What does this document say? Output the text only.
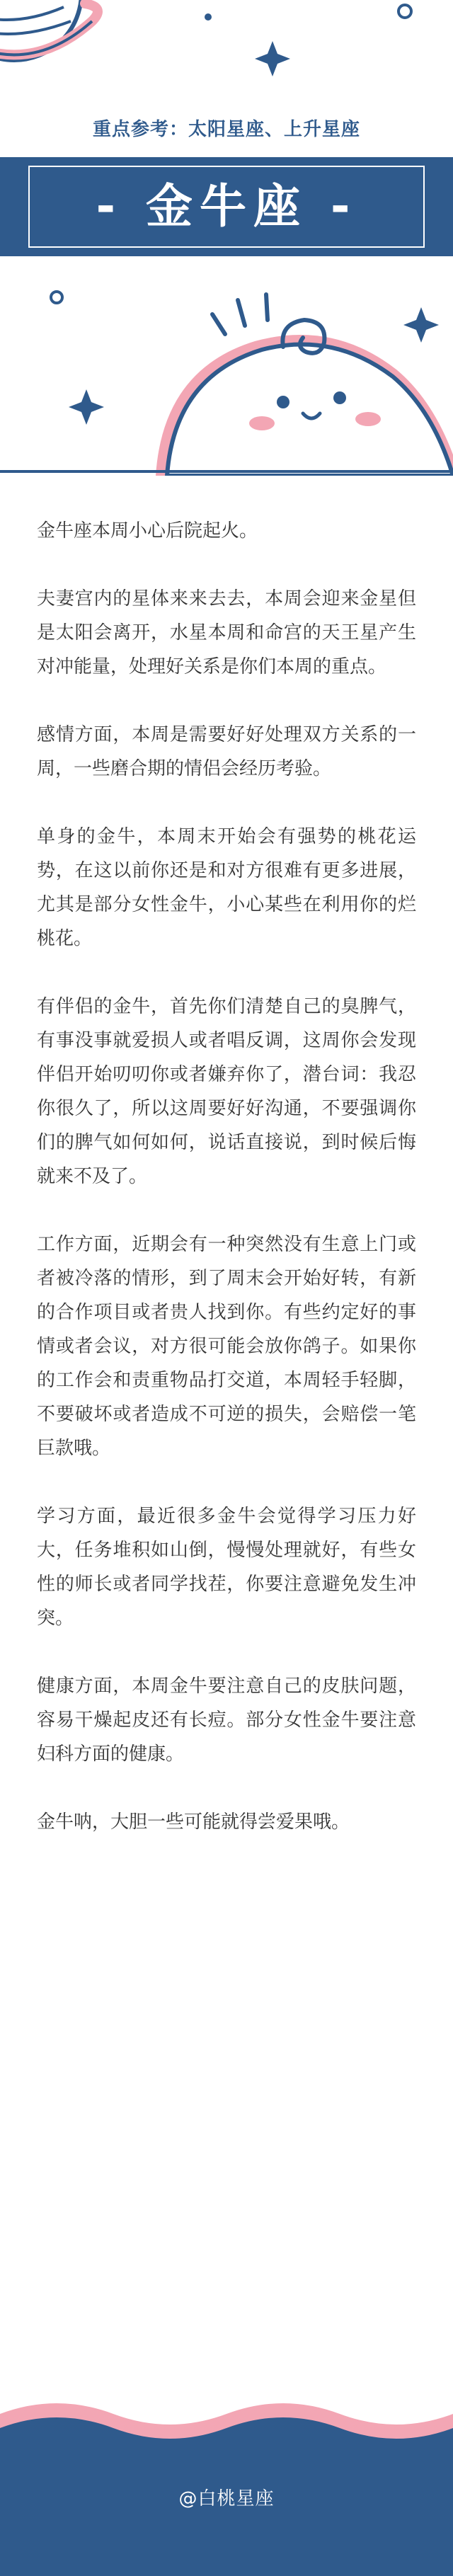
重点参考：太阳星座、上升星座
- 金牛座 -

金牛座本周小心后院起火。

夫妻宫内的星体来来去去，本周会迎来金星但是太阳会离开，水星本周和命宫的天王星产生对冲能量，处理好关系是你们本周的重点。

感情方面，本周是需要好好处理双方关系的一周，一些磨合期的情侣会经历考验。

单身的金牛，本周末开始会有强势的桃花运势，在这以前你还是和对方很难有更多进展，尤其是部分女性金牛，小心某些在利用你的烂桃花。

有伴侣的金牛，首先你们清楚自己的臭脾气，有事没事就爱损人或者唱反调，这周你会发现伴侣开始叨叨你或者嫌弃你了，潜台词：我忍你很久了，所以这周要好好沟通，不要强调你们的脾气如何如何，说话直接说，到时候后悔就来不及了。

工作方面，近期会有一种突然没有生意上门或者被冷落的情形，到了周末会开始好转，有新的合作项目或者贵人找到你。有些约定好的事情或者会议，对方很可能会放你鸽子。如果你的工作会和责重物品打交道，本周轻手轻脚，不要破坏或者造成不可逆的损失，会赔偿一笔巨款哦。

学习方面，最近很多金牛会觉得学习压力好大，任务堆积如山倒，慢慢处理就好，有些女性的师长或者同学找茬，你要注意避免发生冲突。

健康方面，本周金牛要注意自己的皮肤问题，容易干燥起皮还有长痘。部分女性金牛要注意妇科方面的健康。

金牛呐，大胆一些可能就得尝爱果哦。

@白桃星座
